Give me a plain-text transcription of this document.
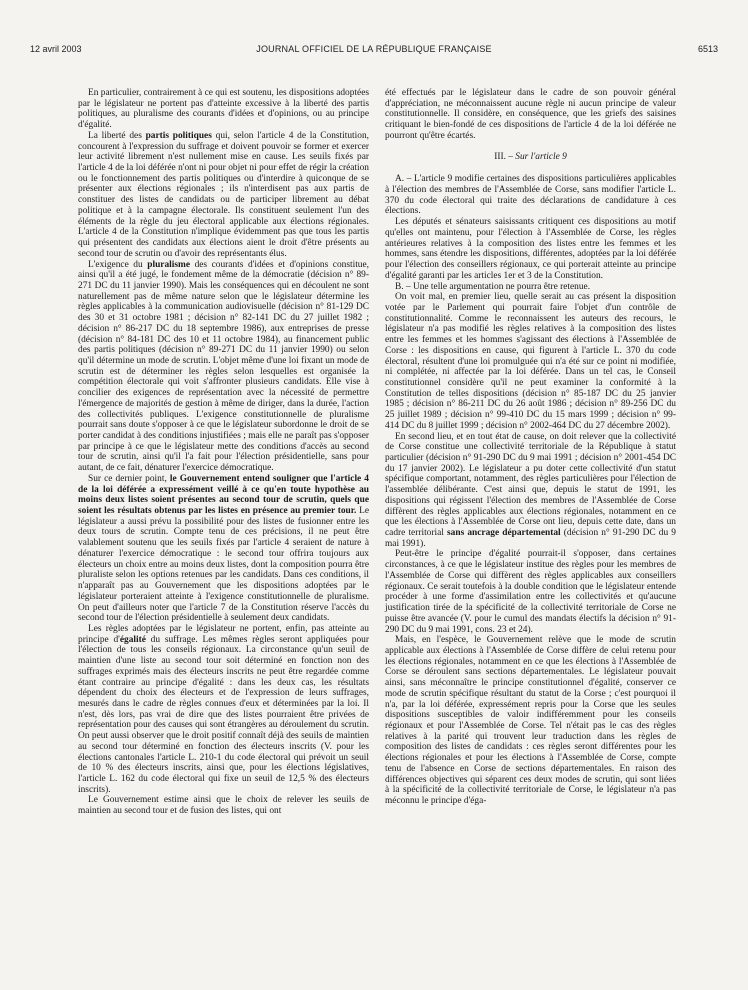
12 avril 2003	JOURNAL OFFICIEL DE LA RÉPUBLIQUE FRANÇAISE	6513

En particulier, contrairement à ce qui est soutenu, les dispositions adoptées par le législateur ne portent pas d'atteinte excessive à la liberté des partis politiques, au pluralisme des courants d'idées et d'opinions, ou au principe d'égalité.

La liberté des partis politiques qui, selon l'article 4 de la Constitution, concourent à l'expression du suffrage et doivent pouvoir se former et exercer leur activité librement n'est nullement mise en cause. Les seuils fixés par l'article 4 de la loi déférée n'ont ni pour objet ni pour effet de régir la création ou le fonctionnement des partis politiques ou d'interdire à quiconque de se présenter aux élections régionales ; ils n'interdisent pas aux partis de constituer des listes de candidats ou de participer librement au débat politique et à la campagne électorale. Ils constituent seulement l'un des éléments de la règle du jeu électoral applicable aux élections régionales. L'article 4 de la Constitution n'implique évidemment pas que tous les partis qui présentent des candidats aux élections aient le droit d'être présents au second tour de scrutin ou d'avoir des représentants élus.

L'exigence du pluralisme des courants d'idées et d'opinions constitue, ainsi qu'il a été jugé, le fondement même de la démocratie (décision n° 89-271 DC du 11 janvier 1990). Mais les conséquences qui en découlent ne sont naturellement pas de même nature selon que le législateur détermine les règles applicables à la communication audiovisuelle (décision n° 81-129 DC des 30 et 31 octobre 1981 ; décision n° 82-141 DC du 27 juillet 1982 ; décision n° 86-217 DC du 18 septembre 1986), aux entreprises de presse (décision n° 84-181 DC des 10 et 11 octobre 1984), au financement public des partis politiques (décision n° 89-271 DC du 11 janvier 1990) ou selon qu'il détermine un mode de scrutin. L'objet même d'une loi fixant un mode de scrutin est de déterminer les règles selon lesquelles est organisée la compétition électorale qui voit s'affronter plusieurs candidats. Elle vise à concilier des exigences de représentation avec la nécessité de permettre l'émergence de majorités de gestion à même de diriger, dans la durée, l'action des collectivités publiques. L'exigence constitutionnelle de pluralisme pourrait sans doute s'opposer à ce que le législateur subordonne le droit de se porter candidat à des conditions injustifiées ; mais elle ne paraît pas s'opposer par principe à ce que le législateur mette des conditions d'accès au second tour de scrutin, ainsi qu'il l'a fait pour l'élection présidentielle, sans pour autant, de ce fait, dénaturer l'exercice démocratique.

Sur ce dernier point, le Gouvernement entend souligner que l'article 4 de la loi déférée a expressément veillé à ce qu'en toute hypothèse au moins deux listes soient présentes au second tour de scrutin, quels que soient les résultats obtenus par les listes en présence au premier tour. Le législateur a aussi prévu la possibilité pour des listes de fusionner entre les deux tours de scrutin. Compte tenu de ces précisions, il ne peut être valablement soutenu que les seuils fixés par l'article 4 seraient de nature à dénaturer l'exercice démocratique : le second tour offrira toujours aux électeurs un choix entre au moins deux listes, dont la composition pourra être pluraliste selon les options retenues par les candidats. Dans ces conditions, il n'apparaît pas au Gouvernement que les dispositions adoptées par le législateur porteraient atteinte à l'exigence constitutionnelle de pluralisme. On peut d'ailleurs noter que l'article 7 de la Constitution réserve l'accès du second tour de l'élection présidentielle à seulement deux candidats.

Les règles adoptées par le législateur ne portent, enfin, pas atteinte au principe d'égalité du suffrage. Les mêmes règles seront appliquées pour l'élection de tous les conseils régionaux. La circonstance qu'un seuil de maintien d'une liste au second tour soit déterminé en fonction non des suffrages exprimés mais des électeurs inscrits ne peut être regardée comme étant contraire au principe d'égalité : dans les deux cas, les résultats dépendent du choix des électeurs et de l'expression de leurs suffrages, mesurés dans le cadre de règles connues d'eux et déterminées par la loi. Il n'est, dès lors, pas vrai de dire que des listes pourraient être privées de représentation pour des causes qui sont étrangères au déroulement du scrutin. On peut aussi observer que le droit positif connaît déjà des seuils de maintien au second tour déterminé en fonction des électeurs inscrits (V. pour les élections cantonales l'article L. 210-1 du code électoral qui prévoit un seuil de 10 % des électeurs inscrits, ainsi que, pour les élections législatives, l'article L. 162 du code électoral qui fixe un seuil de 12,5 % des électeurs inscrits).

Le Gouvernement estime ainsi que le choix de relever les seuils de maintien au second tour et de fusion des listes, qui ont

été effectués par le législateur dans le cadre de son pouvoir général d'appréciation, ne méconnaissent aucune règle ni aucun principe de valeur constitutionnelle. Il considère, en conséquence, que les griefs des saisines critiquant le bien-fondé de ces dispositions de l'article 4 de la loi déférée ne pourront qu'être écartés.

III. – Sur l'article 9

A. – L'article 9 modifie certaines des dispositions particulières applicables à l'élection des membres de l'Assemblée de Corse, sans modifier l'article L. 370 du code électoral qui traite des déclarations de candidature à ces élections.

Les députés et sénateurs saisissants critiquent ces dispositions au motif qu'elles ont maintenu, pour l'élection à l'Assemblée de Corse, les règles antérieures relatives à la composition des listes entre les femmes et les hommes, sans étendre les dispositions, différentes, adoptées par la loi déférée pour l'élection des conseillers régionaux, ce qui porterait atteinte au principe d'égalité garanti par les articles 1er et 3 de la Constitution.

B. – Une telle argumentation ne pourra être retenue.

On voit mal, en premier lieu, quelle serait au cas présent la disposition votée par le Parlement qui pourrait faire l'objet d'un contrôle de constitutionnalité. Comme le reconnaissent les auteurs des recours, le législateur n'a pas modifié les règles relatives à la composition des listes entre les femmes et les hommes s'agissant des élections à l'Assemblée de Corse : les dispositions en cause, qui figurent à l'article L. 370 du code électoral, résultent d'une loi promulguée qui n'a été sur ce point ni modifiée, ni complétée, ni affectée par la loi déférée. Dans un tel cas, le Conseil constitutionnel considère qu'il ne peut examiner la conformité à la Constitution de telles dispositions (décision n° 85-187 DC du 25 janvier 1985 ; décision n° 86-211 DC du 26 août 1986 ; décision n° 89-256 DC du 25 juillet 1989 ; décision n° 99-410 DC du 15 mars 1999 ; décision n° 99-414 DC du 8 juillet 1999 ; décision n° 2002-464 DC du 27 décembre 2002).

En second lieu, et en tout état de cause, on doit relever que la collectivité de Corse constitue une collectivité territoriale de la République à statut particulier (décision n° 91-290 DC du 9 mai 1991 ; décision n° 2001-454 DC du 17 janvier 2002). Le législateur a pu doter cette collectivité d'un statut spécifique comportant, notamment, des règles particulières pour l'élection de l'assemblée délibérante. C'est ainsi que, depuis le statut de 1991, les dispositions qui régissent l'élection des membres de l'Assemblée de Corse diffèrent des règles applicables aux élections régionales, notamment en ce que les élections à l'Assemblée de Corse ont lieu, depuis cette date, dans un cadre territorial sans ancrage départemental (décision n° 91-290 DC du 9 mai 1991).

Peut-être le principe d'égalité pourrait-il s'opposer, dans certaines circonstances, à ce que le législateur institue des règles pour les membres de l'Assemblée de Corse qui diffèrent des règles applicables aux conseillers régionaux. Ce serait toutefois à la double condition que le législateur entende procéder à une forme d'assimilation entre les collectivités et qu'aucune justification tirée de la spécificité de la collectivité territoriale de Corse ne puisse être avancée (V. pour le cumul des mandats électifs la décision n° 91-290 DC du 9 mai 1991, cons. 23 et 24).

Mais, en l'espèce, le Gouvernement relève que le mode de scrutin applicable aux élections à l'Assemblée de Corse diffère de celui retenu pour les élections régionales, notamment en ce que les élections à l'Assemblée de Corse se déroulent sans sections départementales. Le législateur pouvait ainsi, sans méconnaître le principe constitutionnel d'égalité, conserver ce mode de scrutin spécifique résultant du statut de la Corse ; c'est pourquoi il n'a, par la loi déférée, expressément repris pour la Corse que les seules dispositions susceptibles de valoir indifféremment pour les conseils régionaux et pour l'Assemblée de Corse. Tel n'était pas le cas des règles relatives à la parité qui trouvent leur traduction dans les règles de composition des listes de candidats : ces règles seront différentes pour les élections régionales et pour les élections à l'Assemblée de Corse, compte tenu de l'absence en Corse de sections départementales. En raison des différences objectives qui séparent ces deux modes de scrutin, qui sont liées à la spécificité de la collectivité territoriale de Corse, le législateur n'a pas méconnu le principe d'éga-
